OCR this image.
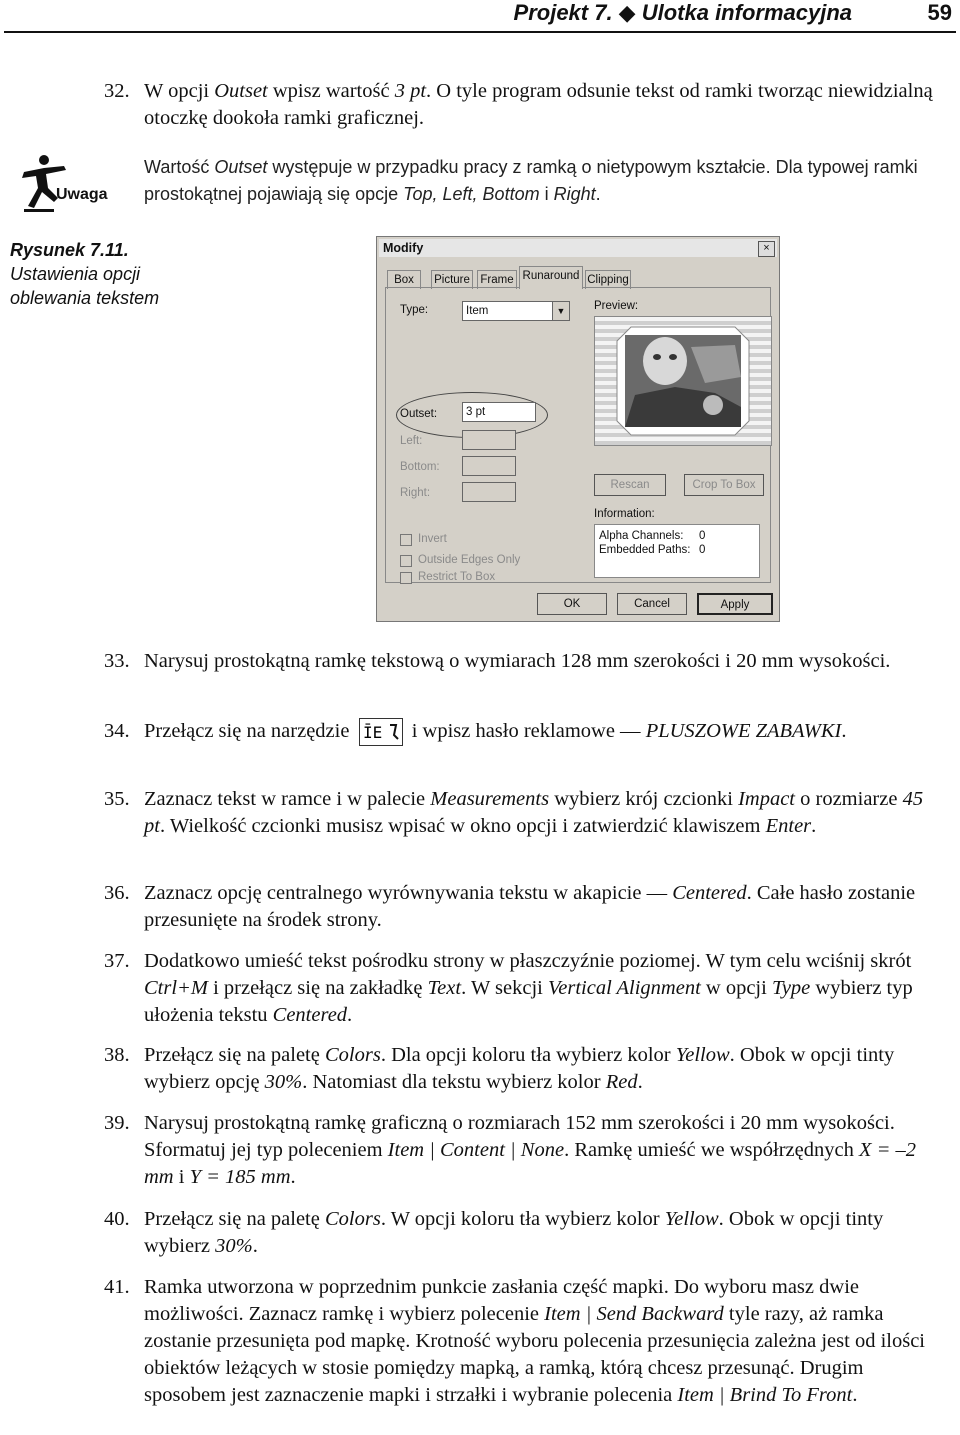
Projekt 7. ◆ Ulotka informacyjna	59
32. W opcji Outset wpisz wartość 3 pt. O tyle program odsunie tekst od ramki tworząc niewidzialną otoczkę dookoła ramki graficznej.
Uwaga
Wartość Outset występuje w przypadku pracy z ramką o nietypowym kształcie. Dla typowej ramki prostokątnej pojawiają się opcje Top, Left, Bottom i Right.
Rysunek 7.11.
Ustawienia opcji oblewania tekstem
Modify	×
Box	Picture Frame Runaround Clipping
Type:	Item	▼	Preview:
Outset:	3 pt
Left:
Bottom:
Right:
Rescan	Crop To Box
Information:
Alpha Channels: 0
Embedded Paths: 0
Invert
Outside Edges Only
Restrict To Box
OK	Cancel	Apply
33. Narysuj prostokątną ramkę tekstową o wymiarach 128 mm szerokości i 20 mm wysokości.
34. Przełącz się na narzędzie ĪE i wpisz hasło reklamowe — PLUSZOWE ZABAWKI.
35. Zaznacz tekst w ramce i w palecie Measurements wybierz krój czcionki Impact o rozmiarze 45 pt. Wielkość czcionki musisz wpisać w okno opcji i zatwierdzić klawiszem Enter.
36. Zaznacz opcję centralnego wyrównywania tekstu w akapicie — Centered. Całe hasło zostanie przesunięte na środek strony.
37. Dodatkowo umieść tekst pośrodku strony w płaszczyźnie poziomej. W tym celu wciśnij skrót Ctrl+M i przełącz się na zakładkę Text. W sekcji Vertical Alignment w opcji Type wybierz typ ułożenia tekstu Centered.
38. Przełącz się na paletę Colors. Dla opcji koloru tła wybierz kolor Yellow. Obok w opcji tinty wybierz opcję 30%. Natomiast dla tekstu wybierz kolor Red.
39. Narysuj prostokątną ramkę graficzną o rozmiarach 152 mm szerokości i 20 mm wysokości. Sformatuj jej typ poleceniem Item | Content | None. Ramkę umieść we współrzędnych X = –2 mm i Y = 185 mm.
40. Przełącz się na paletę Colors. W opcji koloru tła wybierz kolor Yellow. Obok w opcji tinty wybierz 30%.
41. Ramka utworzona w poprzednim punkcie zasłania część mapki. Do wyboru masz dwie możliwości. Zaznacz ramkę i wybierz polecenie Item | Send Backward tyle razy, aż ramka zostanie przesunięta pod mapkę. Krotność wyboru polecenia przesunięcia zależna jest od ilości obiektów leżących w stosie pomiędzy mapką, a ramką, którą chcesz przesunąć. Drugim sposobem jest zaznaczenie mapki i strzałki i wybranie polecenia Item | Brind To Front.
